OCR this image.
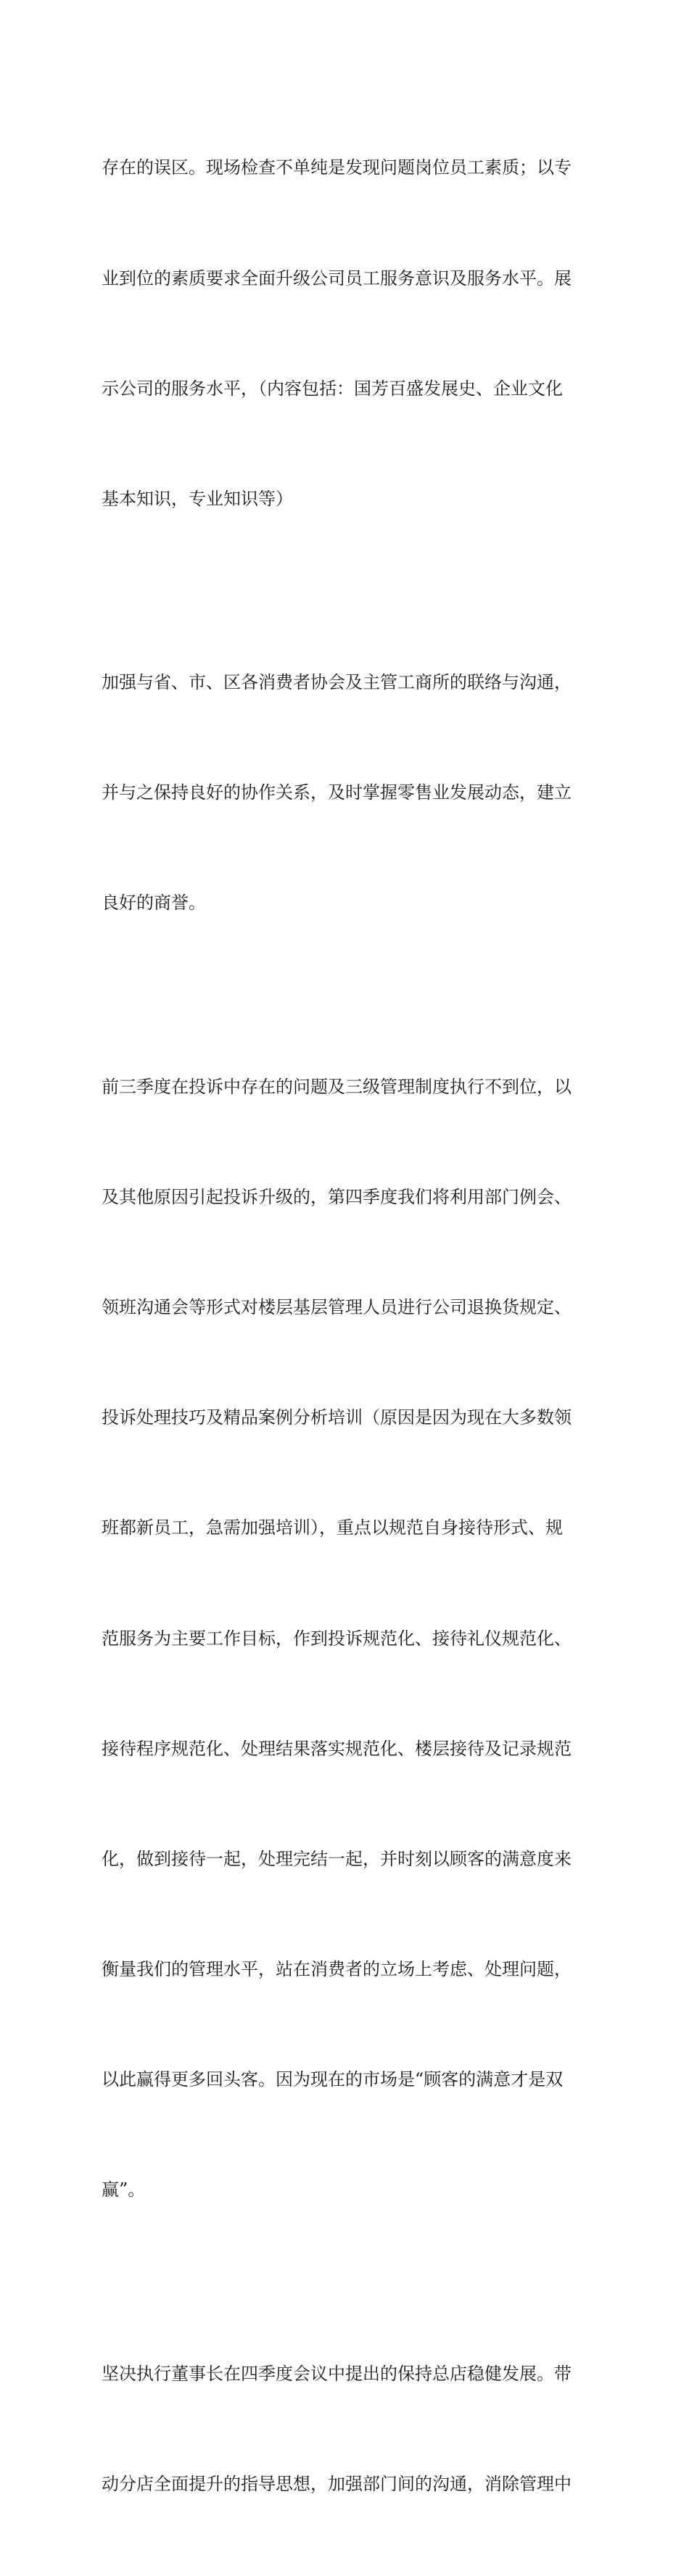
存在的误区。现场检查不单纯是发现问题岗位员工素质；以专

业到位的素质要求全面升级公司员工服务意识及服务水平。展

示公司的服务水平，（内容包括：国芳百盛发展史、企业文化

基本知识，专业知识等）

加强与省、市、区各消费者协会及主管工商所的联络与沟通，

并与之保持良好的协作关系，及时掌握零售业发展动态，建立

良好的商誉。

前三季度在投诉中存在的问题及三级管理制度执行不到位，以

及其他原因引起投诉升级的，第四季度我们将利用部门例会、

领班沟通会等形式对楼层基层管理人员进行公司退换货规定、

投诉处理技巧及精品案例分析培训（原因是因为现在大多数领

班都新员工，急需加强培训），重点以规范自身接待形式、规

范服务为主要工作目标，作到投诉规范化、接待礼仪规范化、

接待程序规范化、处理结果落实规范化、楼层接待及记录规范

化，做到接待一起，处理完结一起，并时刻以顾客的满意度来

衡量我们的管理水平，站在消费者的立场上考虑、处理问题，

以此赢得更多回头客。因为现在的市场是“顾客的满意才是双

赢”。

坚决执行董事长在四季度会议中提出的保持总店稳健发展。带

动分店全面提升的指导思想，加强部门间的沟通，消除管理中
